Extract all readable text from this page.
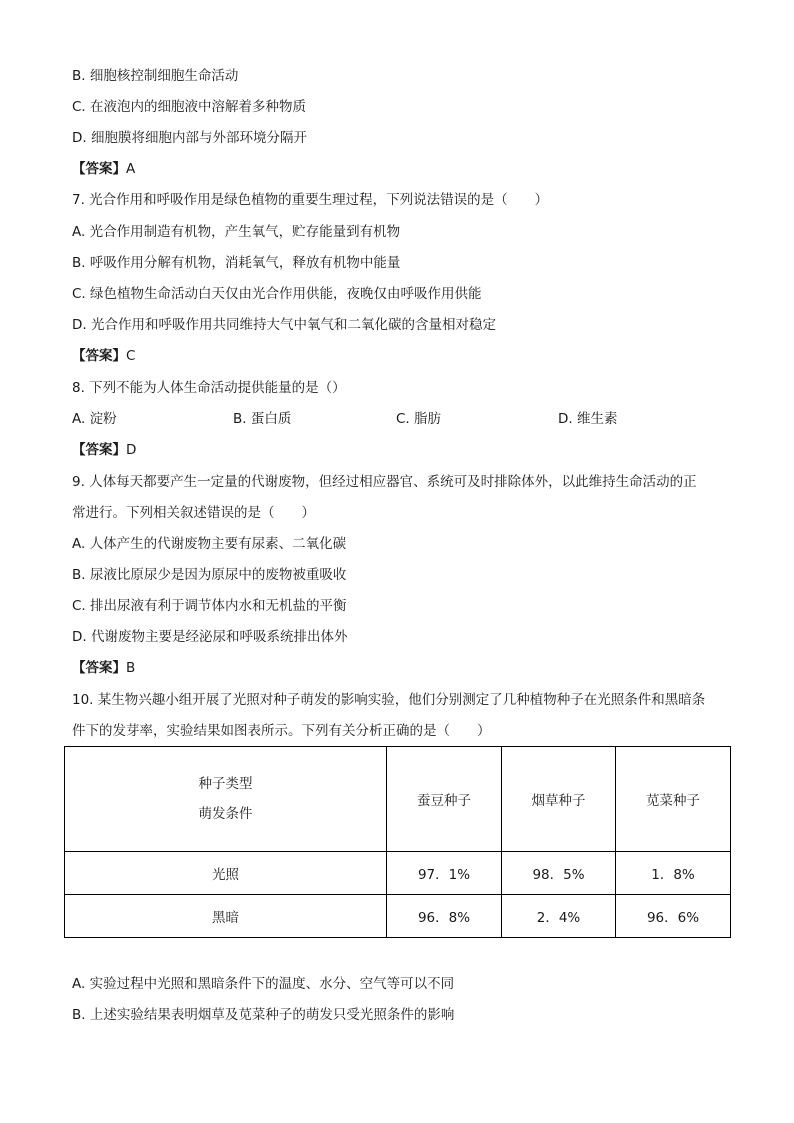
B. 细胞核控制细胞生命活动
C. 在液泡内的细胞液中溶解着多种物质
D. 细胞膜将细胞内部与外部环境分隔开
【答案】A
7. 光合作用和呼吸作用是绿色植物的重要生理过程，下列说法错误的是（　　）
A. 光合作用制造有机物，产生氧气，贮存能量到有机物
B. 呼吸作用分解有机物，消耗氧气，释放有机物中能量
C. 绿色植物生命活动白天仅由光合作用供能，夜晚仅由呼吸作用供能
D. 光合作用和呼吸作用共同维持大气中氧气和二氧化碳的含量相对稳定
【答案】C
8. 下列不能为人体生命活动提供能量的是（）
A. 淀粉	B. 蛋白质	C. 脂肪	D. 维生素
【答案】D
9. 人体每天都要产生一定量的代谢废物，但经过相应器官、系统可及时排除体外，以此维持生命活动的正
常进行。下列相关叙述错误的是（　　）
A. 人体产生的代谢废物主要有尿素、二氧化碳
B. 尿液比原尿少是因为原尿中的废物被重吸收
C. 排出尿液有利于调节体内水和无机盐的平衡
D. 代谢废物主要是经泌尿和呼吸系统排出体外
【答案】B
10. 某生物兴趣小组开展了光照对种子萌发的影响实验，他们分别测定了几种植物种子在光照条件和黑暗条
件下的发芽率，实验结果如图表所示。下列有关分析正确的是（　　）
种子类型
萌发条件	蚕豆种子	烟草种子	苋菜种子
光照	97．1%	98．5%	1．8%
黑暗	96．8%	2．4%	96．6%
A. 实验过程中光照和黑暗条件下的温度、水分、空气等可以不同
B. 上述实验结果表明烟草及苋菜种子的萌发只受光照条件的影响
